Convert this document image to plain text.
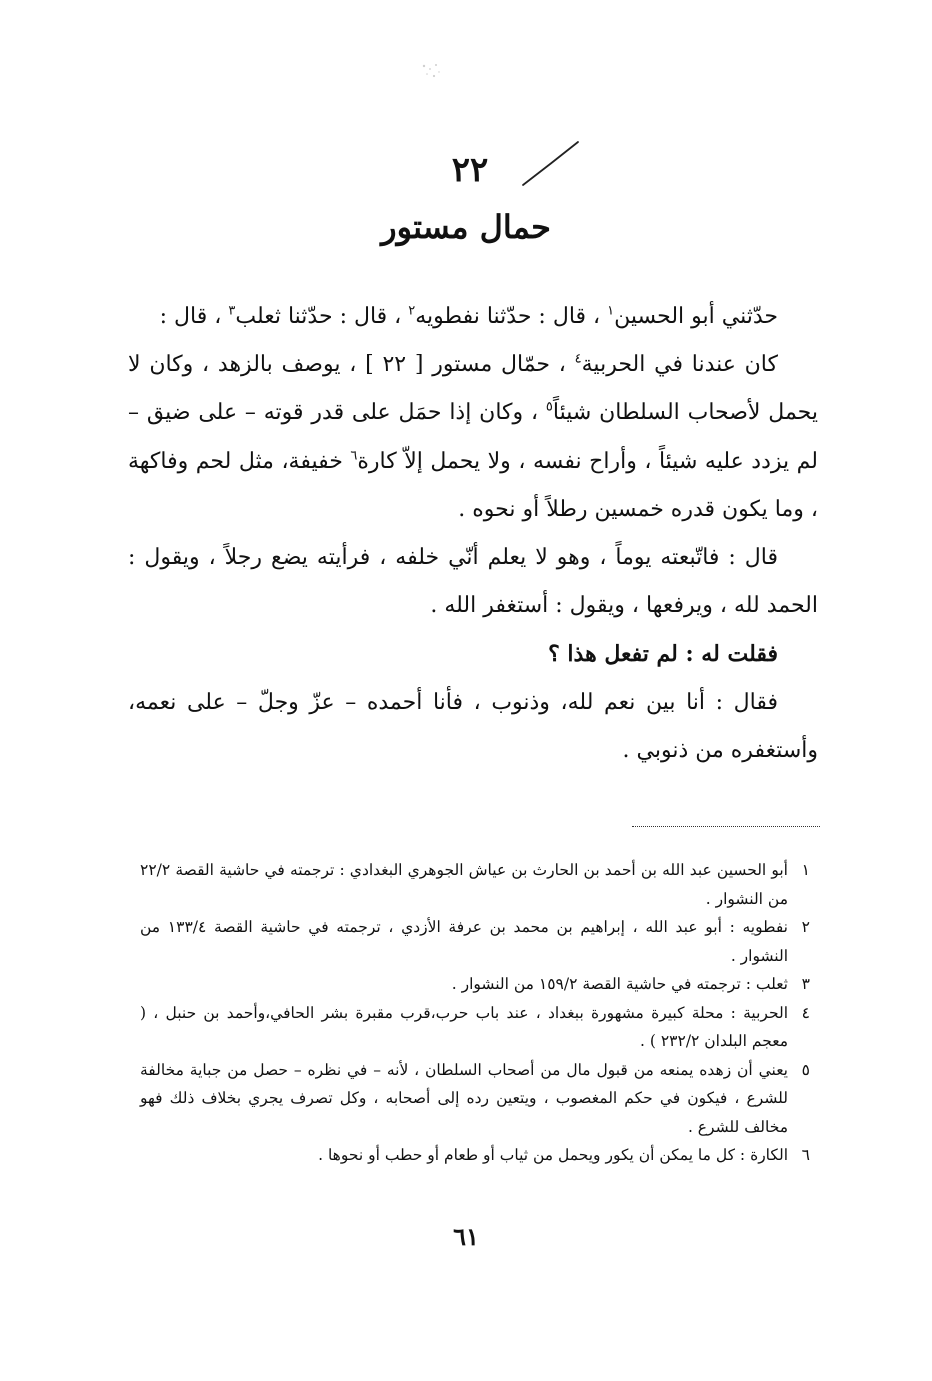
٢٢
حمال مستور

حدّثني أبو الحسين$^١$ ، قال : حدّثنا نفطويه$^٢$ ، قال : حدّثنا ثعلب$^٣$ ، قال :

كان عندنا في الحربية$^٤$ ، حمّال مستور [ ٢٢ ] ، يوصف بالزهد ، وكان لا يحمل لأصحاب السلطان شيئاً$^٥$ ، وكان إذا حمَل على قدر قوته – على ضيق – لم يزدد عليه شيئاً ، وأراح نفسه ، ولا يحمل إلاّ كارة$^٦$ خفيفة، مثل لحم وفاكهة ، وما يكون قدره خمسين رطلاً أو نحوه .

قال : فاتّبعته يوماً ، وهو لا يعلم أنّي خلفه ، فرأيته يضع رجلاً ، ويقول : الحمد لله ، ويرفعها ، ويقول : أستغفر الله .

فقلت له : لم تفعل هذا ؟

فقال : أنا بين نعم لله، وذنوب ، فأنا أحمده – عزّ وجلّ – على نعمه، وأستغفره من ذنوبي .

١
أبو الحسين عبد الله بن أحمد بن الحارث بن عياش الجوهري البغدادي : ترجمته في حاشية القصة ٢٢/٢ من النشوار .
٢
نفطويه : أبو عبد الله ، إبراهيم بن محمد بن عرفة الأزدي ، ترجمته في حاشية القصة ١٣٣/٤ من النشوار .
٣
ثعلب : ترجمته في حاشية القصة ١٥٩/٢ من النشوار .
٤
الحربية : محلة كبيرة مشهورة ببغداد ، عند باب حرب،قرب مقبرة بشر الحافي،وأحمد بن حنبل ، ( معجم البلدان ٢٣٢/٢ ) .
٥
يعني أن زهده يمنعه من قبول مال من أصحاب السلطان ، لأنه – في نظره – حصل من جباية مخالفة للشرع ، فيكون في حكم المغصوب ، ويتعين رده إلى أصحابه ، وكل تصرف يجري بخلاف ذلك فهو مخالف للشرع .
٦
الكارة : كل ما يمكن أن يكور ويحمل من ثياب أو طعام أو حطب أو نحوها .
٦١
